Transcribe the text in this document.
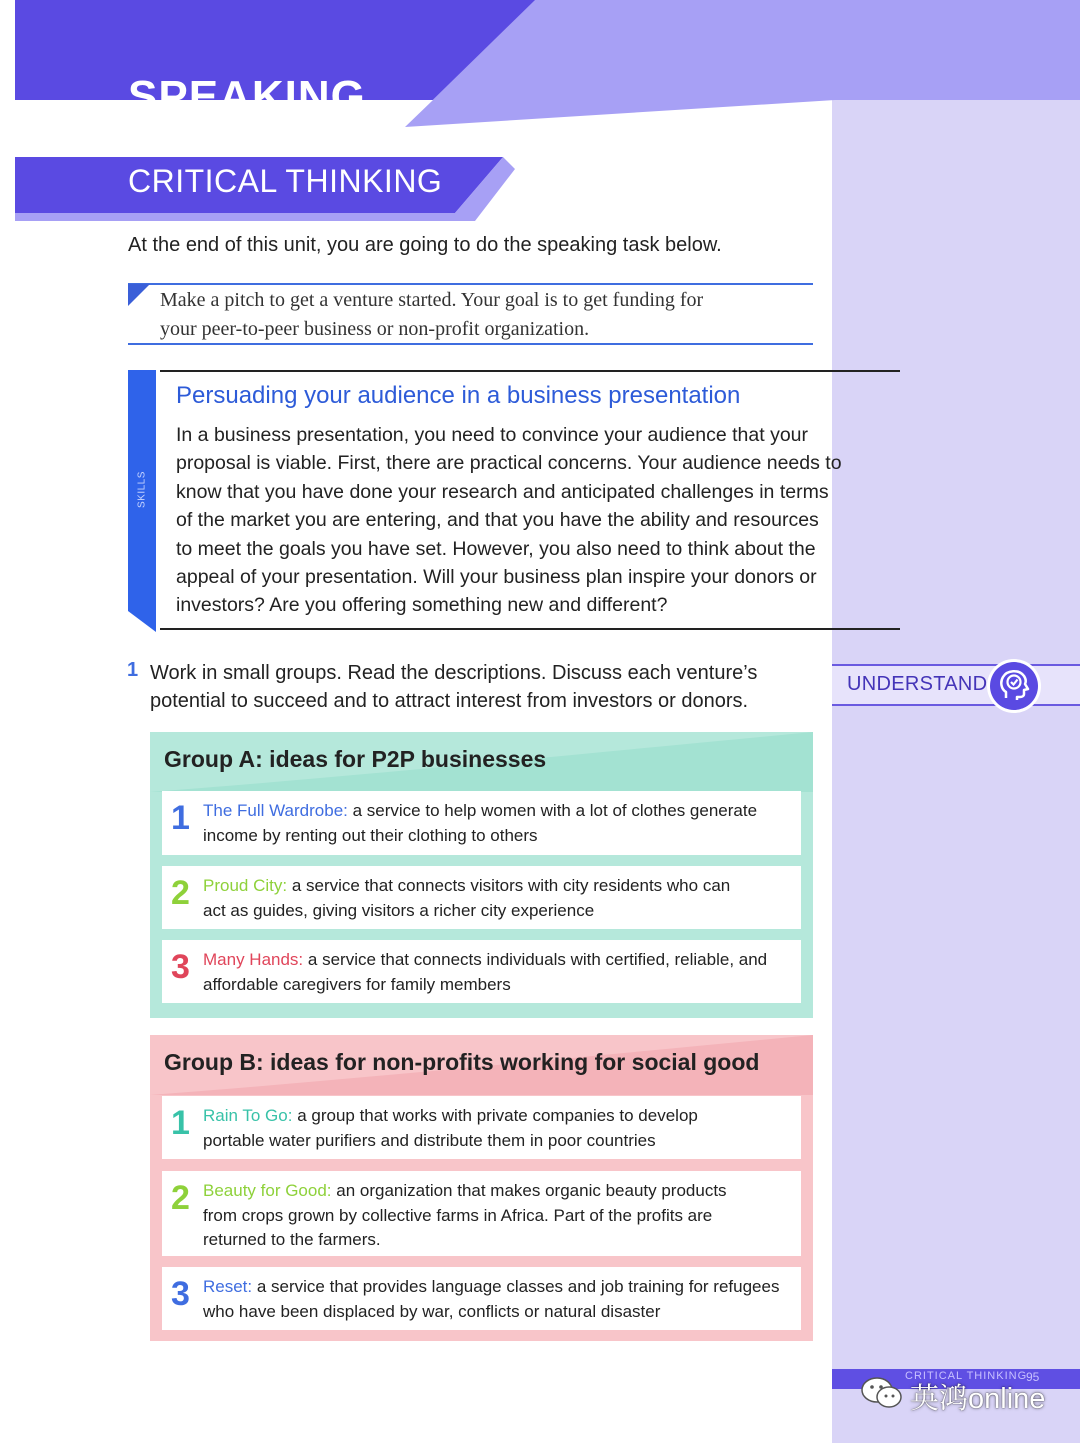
SPEAKING
CRITICAL THINKING
At the end of this unit, you are going to do the speaking task below.
Make a pitch to get a venture started. Your goal is to get funding for
your peer-to-peer business or non-profit organization.
SKILLS
Persuading your audience in a business presentation
In a business presentation, you need to convince your audience that your
proposal is viable. First, there are practical concerns. Your audience needs to
know that you have done your research and anticipated challenges in terms
of the market you are entering, and that you have the ability and resources
to meet the goals you have set. However, you also need to think about the
appeal of your presentation. Will your business plan inspire your donors or
investors? Are you offering something new and different?
1 Work in small groups. Read the descriptions. Discuss each venture’s
potential to succeed and to attract interest from investors or donors.
UNDERSTAND
Group A: ideas for P2P businesses
1 The Full Wardrobe: a service to help women with a lot of clothes generate
income by renting out their clothing to others
2 Proud City: a service that connects visitors with city residents who can
act as guides, giving visitors a richer city experience
3 Many Hands: a service that connects individuals with certified, reliable, and
affordable caregivers for family members
Group B: ideas for non-profits working for social good
1 Rain To Go: a group that works with private companies to develop
portable water purifiers and distribute them in poor countries
2 Beauty for Good: an organization that makes organic beauty products
from crops grown by collective farms in Africa. Part of the profits are
returned to the farmers.
3 Reset: a service that provides language classes and job training for refugees
who have been displaced by war, conflicts or natural disaster
CRITICAL THINKING
95
英鸿online
